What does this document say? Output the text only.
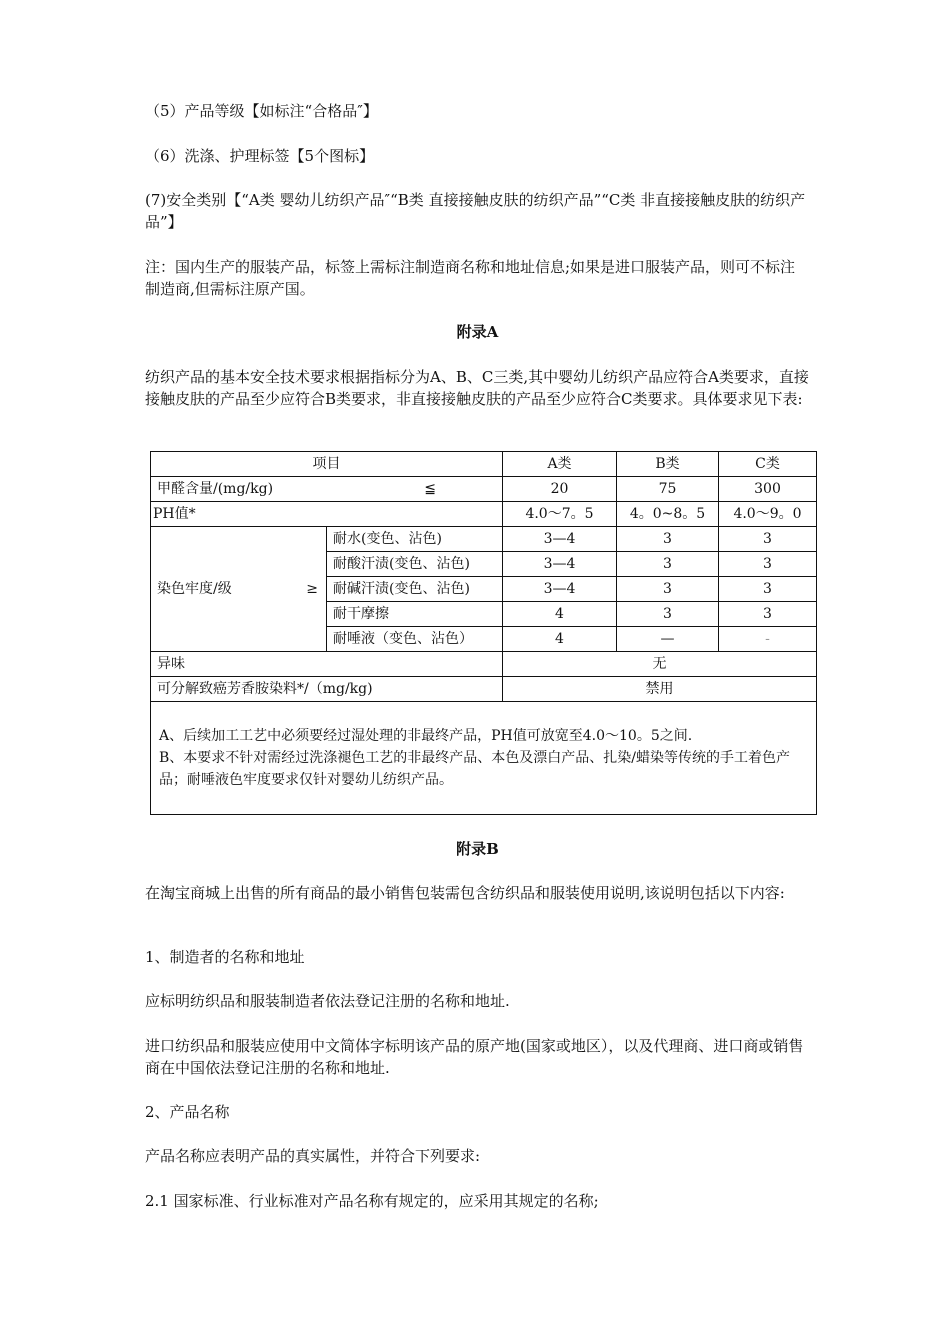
（5）产品等级【如标注“合格品″】

（6）洗涤、护理标签【5个图标】

(7)安全类别【“A类 婴幼儿纺织产品″“B类 直接接触皮肤的纺织产品”“C类 非直接接触皮肤的纺织产品”】

注：国内生产的服装产品，标签上需标注制造商名称和地址信息;如果是进口服装产品，则可不标注制造商,但需标注原产国。

附录A

纺织产品的基本安全技术要求根据指标分为A、B、C三类,其中婴幼儿纺织产品应符合A类要求，直接接触皮肤的产品至少应符合B类要求，非直接接触皮肤的产品至少应符合C类要求。具体要求见下表:

项目		A类	B类	C类

甲醛含量/(mg/kg) ≦		20	75	300
PH值*		4.0～7。5	4。0~8。5	4.0～9。0

染色牢度/级 ≥	耐水(变色、沾色)	3—4	3	3
	耐酸汗渍(变色、沾色)	3—4	3	3
	耐碱汗渍(变色、沾色)	3—4	3	3
	耐干摩擦	4	3	3
	耐唾液（变色、沾色）	4	—	-
异味		无		
可分解致癌芳香胺染料*/（mg/kg)		禁用		

A、后续加工工艺中必须要经过湿处理的非最终产品，PH值可放宽至4.0～10。5之间.
B、本要求不针对需经过洗涤褪色工艺的非最终产品、本色及漂白产品、扎染/蜡染等传统的手工着色产品；耐唾液色牢度要求仅针对婴幼儿纺织产品。				

附录B

在淘宝商城上出售的所有商品的最小销售包装需包含纺织品和服装使用说明,该说明包括以下内容:

1、制造者的名称和地址

应标明纺织品和服装制造者依法登记注册的名称和地址.

进口纺织品和服装应使用中文简体字标明该产品的原产地(国家或地区），以及代理商、进口商或销售商在中国依法登记注册的名称和地址.

2、产品名称

产品名称应表明产品的真实属性，并符合下列要求:

2.1 国家标准、行业标准对产品名称有规定的，应采用其规定的名称;
